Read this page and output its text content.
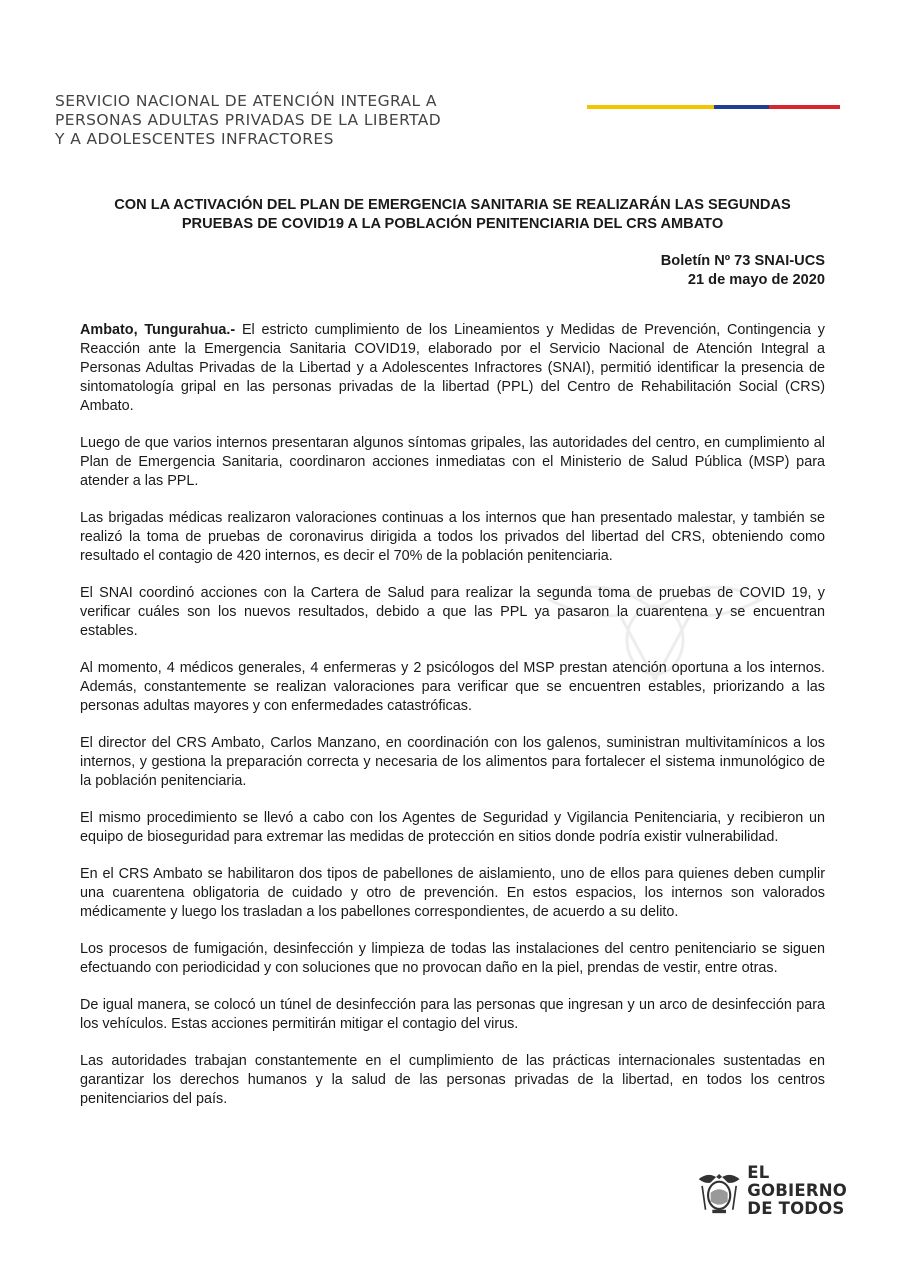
SERVICIO NACIONAL DE ATENCIÓN INTEGRAL A
PERSONAS ADULTAS PRIVADAS DE LA LIBERTAD
Y A ADOLESCENTES INFRACTORES
CON LA ACTIVACIÓN DEL PLAN DE EMERGENCIA SANITARIA SE REALIZARÁN LAS SEGUNDAS
PRUEBAS DE COVID19 A LA POBLACIÓN PENITENCIARIA DEL CRS AMBATO
Boletín Nº 73 SNAI-UCS
21 de mayo de 2020

Ambato, Tungurahua.- El estricto cumplimiento de los Lineamientos y Medidas de Prevención, Contingencia y Reacción ante la Emergencia Sanitaria COVID19, elaborado por el Servicio Nacional de Atención Integral a Personas Adultas Privadas de la Libertad y a Adolescentes Infractores (SNAI), permitió identificar la presencia de sintomatología gripal en las personas privadas de la libertad (PPL) del Centro de Rehabilitación Social (CRS) Ambato.

Luego de que varios internos presentaran algunos síntomas gripales, las autoridades del centro, en cumplimiento al Plan de Emergencia Sanitaria, coordinaron acciones inmediatas con el Ministerio de Salud Pública (MSP) para atender a las PPL.

Las brigadas médicas realizaron valoraciones continuas a los internos que han presentado malestar, y también se realizó la toma de pruebas de coronavirus dirigida a todos los privados del libertad del CRS, obteniendo como resultado el contagio de 420 internos, es decir el 70% de la población penitenciaria.

El SNAI coordinó acciones con la Cartera de Salud para realizar la segunda toma de pruebas de COVID 19, y verificar cuáles son los nuevos resultados, debido a que las PPL ya pasaron la cuarentena y se encuentran estables.

Al momento, 4 médicos generales, 4 enfermeras y 2 psicólogos del MSP prestan atención oportuna a los internos. Además, constantemente se realizan valoraciones para verificar que se encuentren estables, priorizando a las personas adultas mayores y con enfermedades catastróficas.

El director del CRS Ambato, Carlos Manzano, en coordinación con los galenos, suministran multivitamínicos a los internos, y gestiona la preparación correcta y necesaria de los alimentos para fortalecer el sistema inmunológico de la población penitenciaria.

El mismo procedimiento se llevó a cabo con los Agentes de Seguridad y Vigilancia Penitenciaria, y recibieron un equipo de bioseguridad para extremar las medidas de protección en sitios donde podría existir vulnerabilidad.

En el CRS Ambato se habilitaron dos tipos de pabellones de aislamiento, uno de ellos para quienes deben cumplir una cuarentena obligatoria de cuidado y otro de prevención. En estos espacios, los internos son valorados médicamente y luego los trasladan a los pabellones correspondientes, de acuerdo a su delito.

Los procesos de fumigación, desinfección y limpieza de todas las instalaciones del centro penitenciario se siguen efectuando con periodicidad y con soluciones que no provocan daño en la piel, prendas de vestir, entre otras.

De igual manera, se colocó un túnel de desinfección para las personas que ingresan y un arco de desinfección para los vehículos. Estas acciones permitirán mitigar el contagio del virus.

Las autoridades trabajan constantemente en el cumplimiento de las prácticas internacionales sustentadas en garantizar los derechos humanos y la salud de las personas privadas de la libertad, en todos los centros penitenciarios del país.

EL
GOBIERNO
DE TODOS
